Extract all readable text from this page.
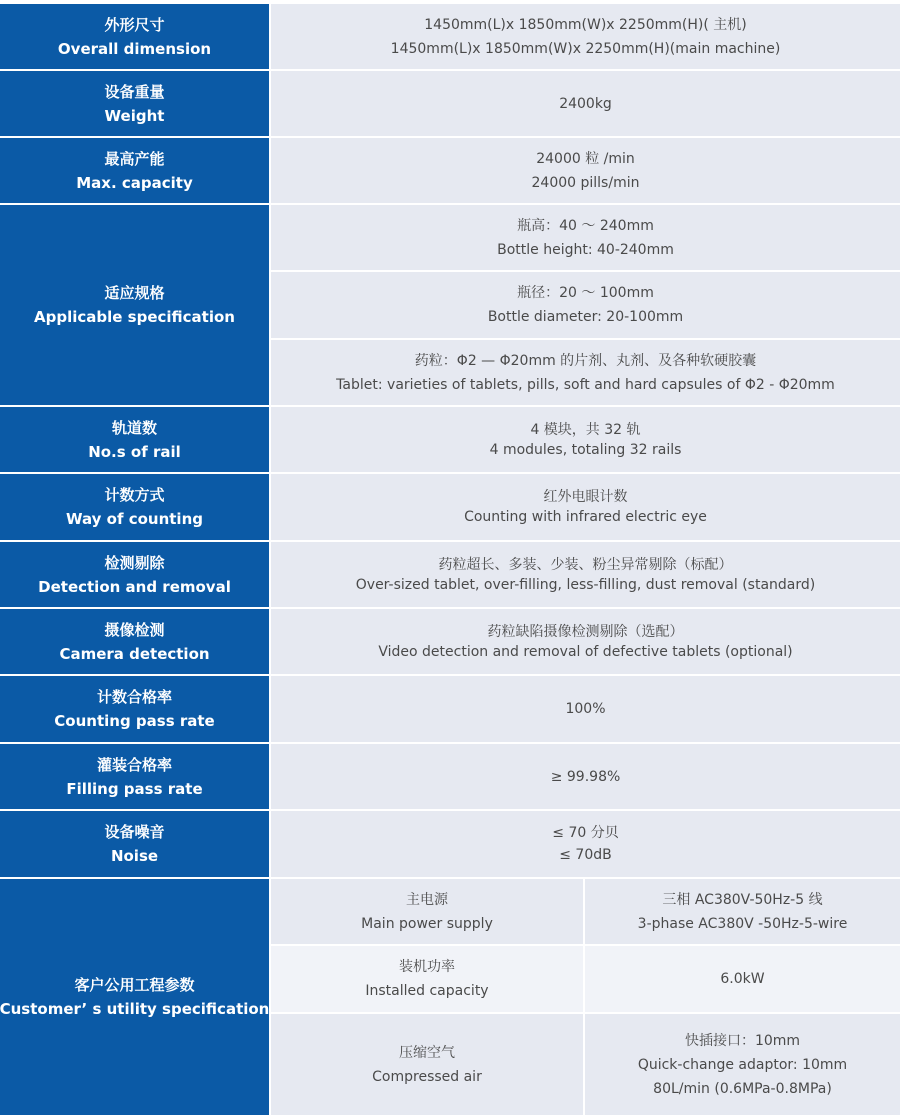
外形尺寸
Overall dimension
1450mm(L)x 1850mm(W)x 2250mm(H)( 主机)
1450mm(L)x 1850mm(W)x 2250mm(H)(main machine)
设备重量
Weight
2400kg
最高产能
Max. capacity
24000 粒 /min
24000 pills/min
适应规格
Applicable specification
瓶高：40 ～ 240mm
Bottle height: 40-240mm
瓶径：20 ～ 100mm
Bottle diameter: 20-100mm
药粒：Φ2 — Φ20mm 的片剂、丸剂、及各种软硬胶囊
Tablet: varieties of tablets, pills, soft and hard capsules of Φ2 - Φ20mm
轨道数
No.s of rail
4 模块，共 32 轨
4 modules, totaling 32 rails
计数方式
Way of counting
红外电眼计数
Counting with infrared electric eye
检测剔除
Detection and removal
药粒超长、多装、少装、粉尘异常剔除（标配）
Over-sized tablet, over-filling, less-filling, dust removal (standard)
摄像检测
Camera detection
药粒缺陷摄像检测剔除（选配）
Video detection and removal of defective tablets (optional)
计数合格率
Counting pass rate
100%
灌装合格率
Filling pass rate
≥ 99.98%
设备噪音
Noise
≤ 70 分贝
≤ 70dB
客户公用工程参数
Customer’ s utility specification
主电源
Main power supply
三相 AC380V-50Hz-5 线
3-phase AC380V -50Hz-5-wire
装机功率
Installed capacity
6.0kW
压缩空气
Compressed air
快插接口：10mm
Quick-change adaptor: 10mm
80L/min (0.6MPa-0.8MPa)
